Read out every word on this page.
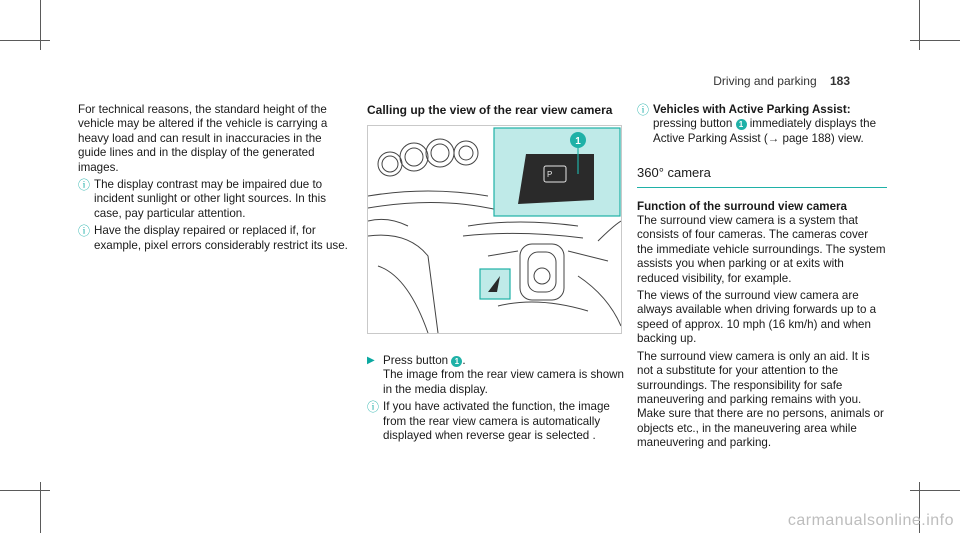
Driving and parking 183

For technical reasons, the standard height of the vehicle may be altered if the vehicle is carrying a heavy load and can result in inaccuracies in the guide lines and in the display of the generated images.

ⓘ The display contrast may be impaired due to incident sunlight or other light sources. In this case, pay particular attention.
ⓘ Have the display repaired or replaced if, for example, pixel errors considerably restrict its use.
Calling up the view of the rear view camera
P
1
▶ Press button 1 .

The image from the rear view camera is shown in the media display.

ⓘ If you have activated the function, the image from the rear view camera is automatically displayed when reverse gear is selected .
ⓘ Vehicles with Active Parking Assist:

pressing button 1 immediately displays the Active Parking Assist (→ page 188) view.

360° camera

Function of the surround view camera

The surround view camera is a system that consists of four cameras. The cameras cover the immediate vehicle surroundings. The system assists you when parking or at exits with reduced visibility, for example.

The views of the surround view camera are always available when driving forwards up to a speed of approx. 10 mph (16 km/h) and when backing up.

The surround view camera is only an aid. It is not a substitute for your attention to the surroundings. The responsibility for safe maneuvering and parking remains with you. Make sure that there are no persons, animals or objects etc., in the maneuvering area while maneuvering and parking.

carmanualsonline.info
